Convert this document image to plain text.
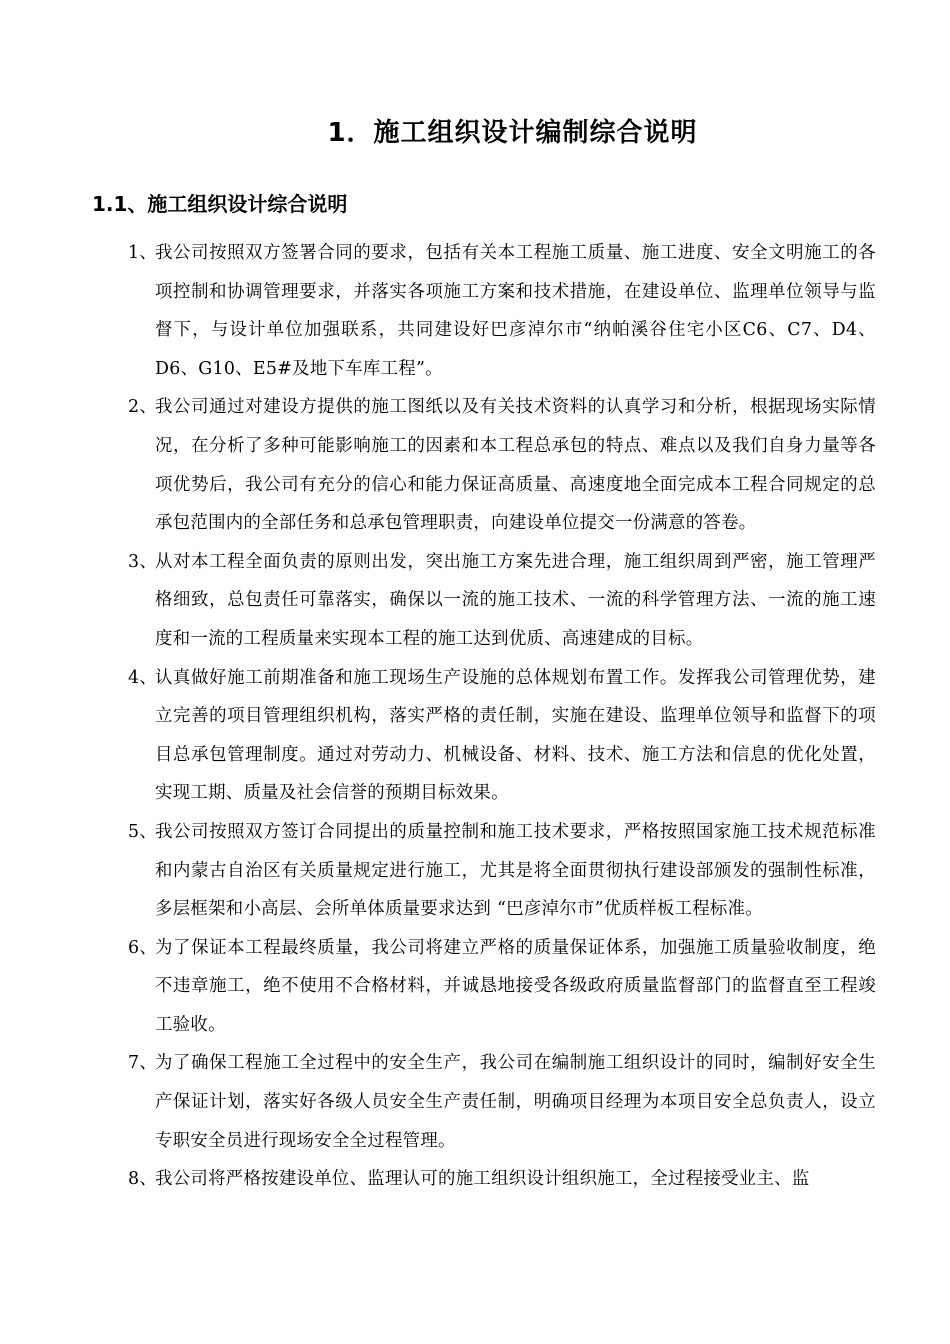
1．施工组织设计编制综合说明
1.1、施工组织设计综合说明
1、
我公司按照双方签署合同的要求，包括有关本工程施工质量、施工进度、安全文明施工的各项控制和协调管理要求，并落实各项施工方案和技术措施，在建设单位、监理单位领导与监督下，与设计单位加强联系，共同建设好巴彦淖尔市“纳帕溪谷住宅小区C6、C7、D4、D6、G10、E5#及地下车库工程”。
2、
我公司通过对建设方提供的施工图纸以及有关技术资料的认真学习和分析，根据现场实际情况，在分析了多种可能影响施工的因素和本工程总承包的特点、难点以及我们自身力量等各项优势后，我公司有充分的信心和能力保证高质量、高速度地全面完成本工程合同规定的总承包范围内的全部任务和总承包管理职责，向建设单位提交一份满意的答卷。
3、
从对本工程全面负责的原则出发，突出施工方案先进合理，施工组织周到严密，施工管理严格细致，总包责任可靠落实，确保以一流的施工技术、一流的科学管理方法、一流的施工速度和一流的工程质量来实现本工程的施工达到优质、高速建成的目标。
4、
认真做好施工前期准备和施工现场生产设施的总体规划布置工作。发挥我公司管理优势，建立完善的项目管理组织机构，落实严格的责任制，实施在建设、监理单位领导和监督下的项目总承包管理制度。通过对劳动力、机械设备、材料、技术、施工方法和信息的优化处置，实现工期、质量及社会信誉的预期目标效果。
5、
我公司按照双方签订合同提出的质量控制和施工技术要求，严格按照国家施工技术规范标准和内蒙古自治区有关质量规定进行施工，尤其是将全面贯彻执行建设部颁发的强制性标准，多层框架和小高层、会所单体质量要求达到 “巴彦淖尔市”优质样板工程标准。
6、
为了保证本工程最终质量，我公司将建立严格的质量保证体系，加强施工质量验收制度，绝不违章施工，绝不使用不合格材料，并诚恳地接受各级政府质量监督部门的监督直至工程竣工验收。
7、
为了确保工程施工全过程中的安全生产，我公司在编制施工组织设计的同时，编制好安全生产保证计划，落实好各级人员安全生产责任制，明确项目经理为本项目安全总负责人，设立专职安全员进行现场安全全过程管理。
8、
我公司将严格按建设单位、监理认可的施工组织设计组织施工，全过程接受业主、监
